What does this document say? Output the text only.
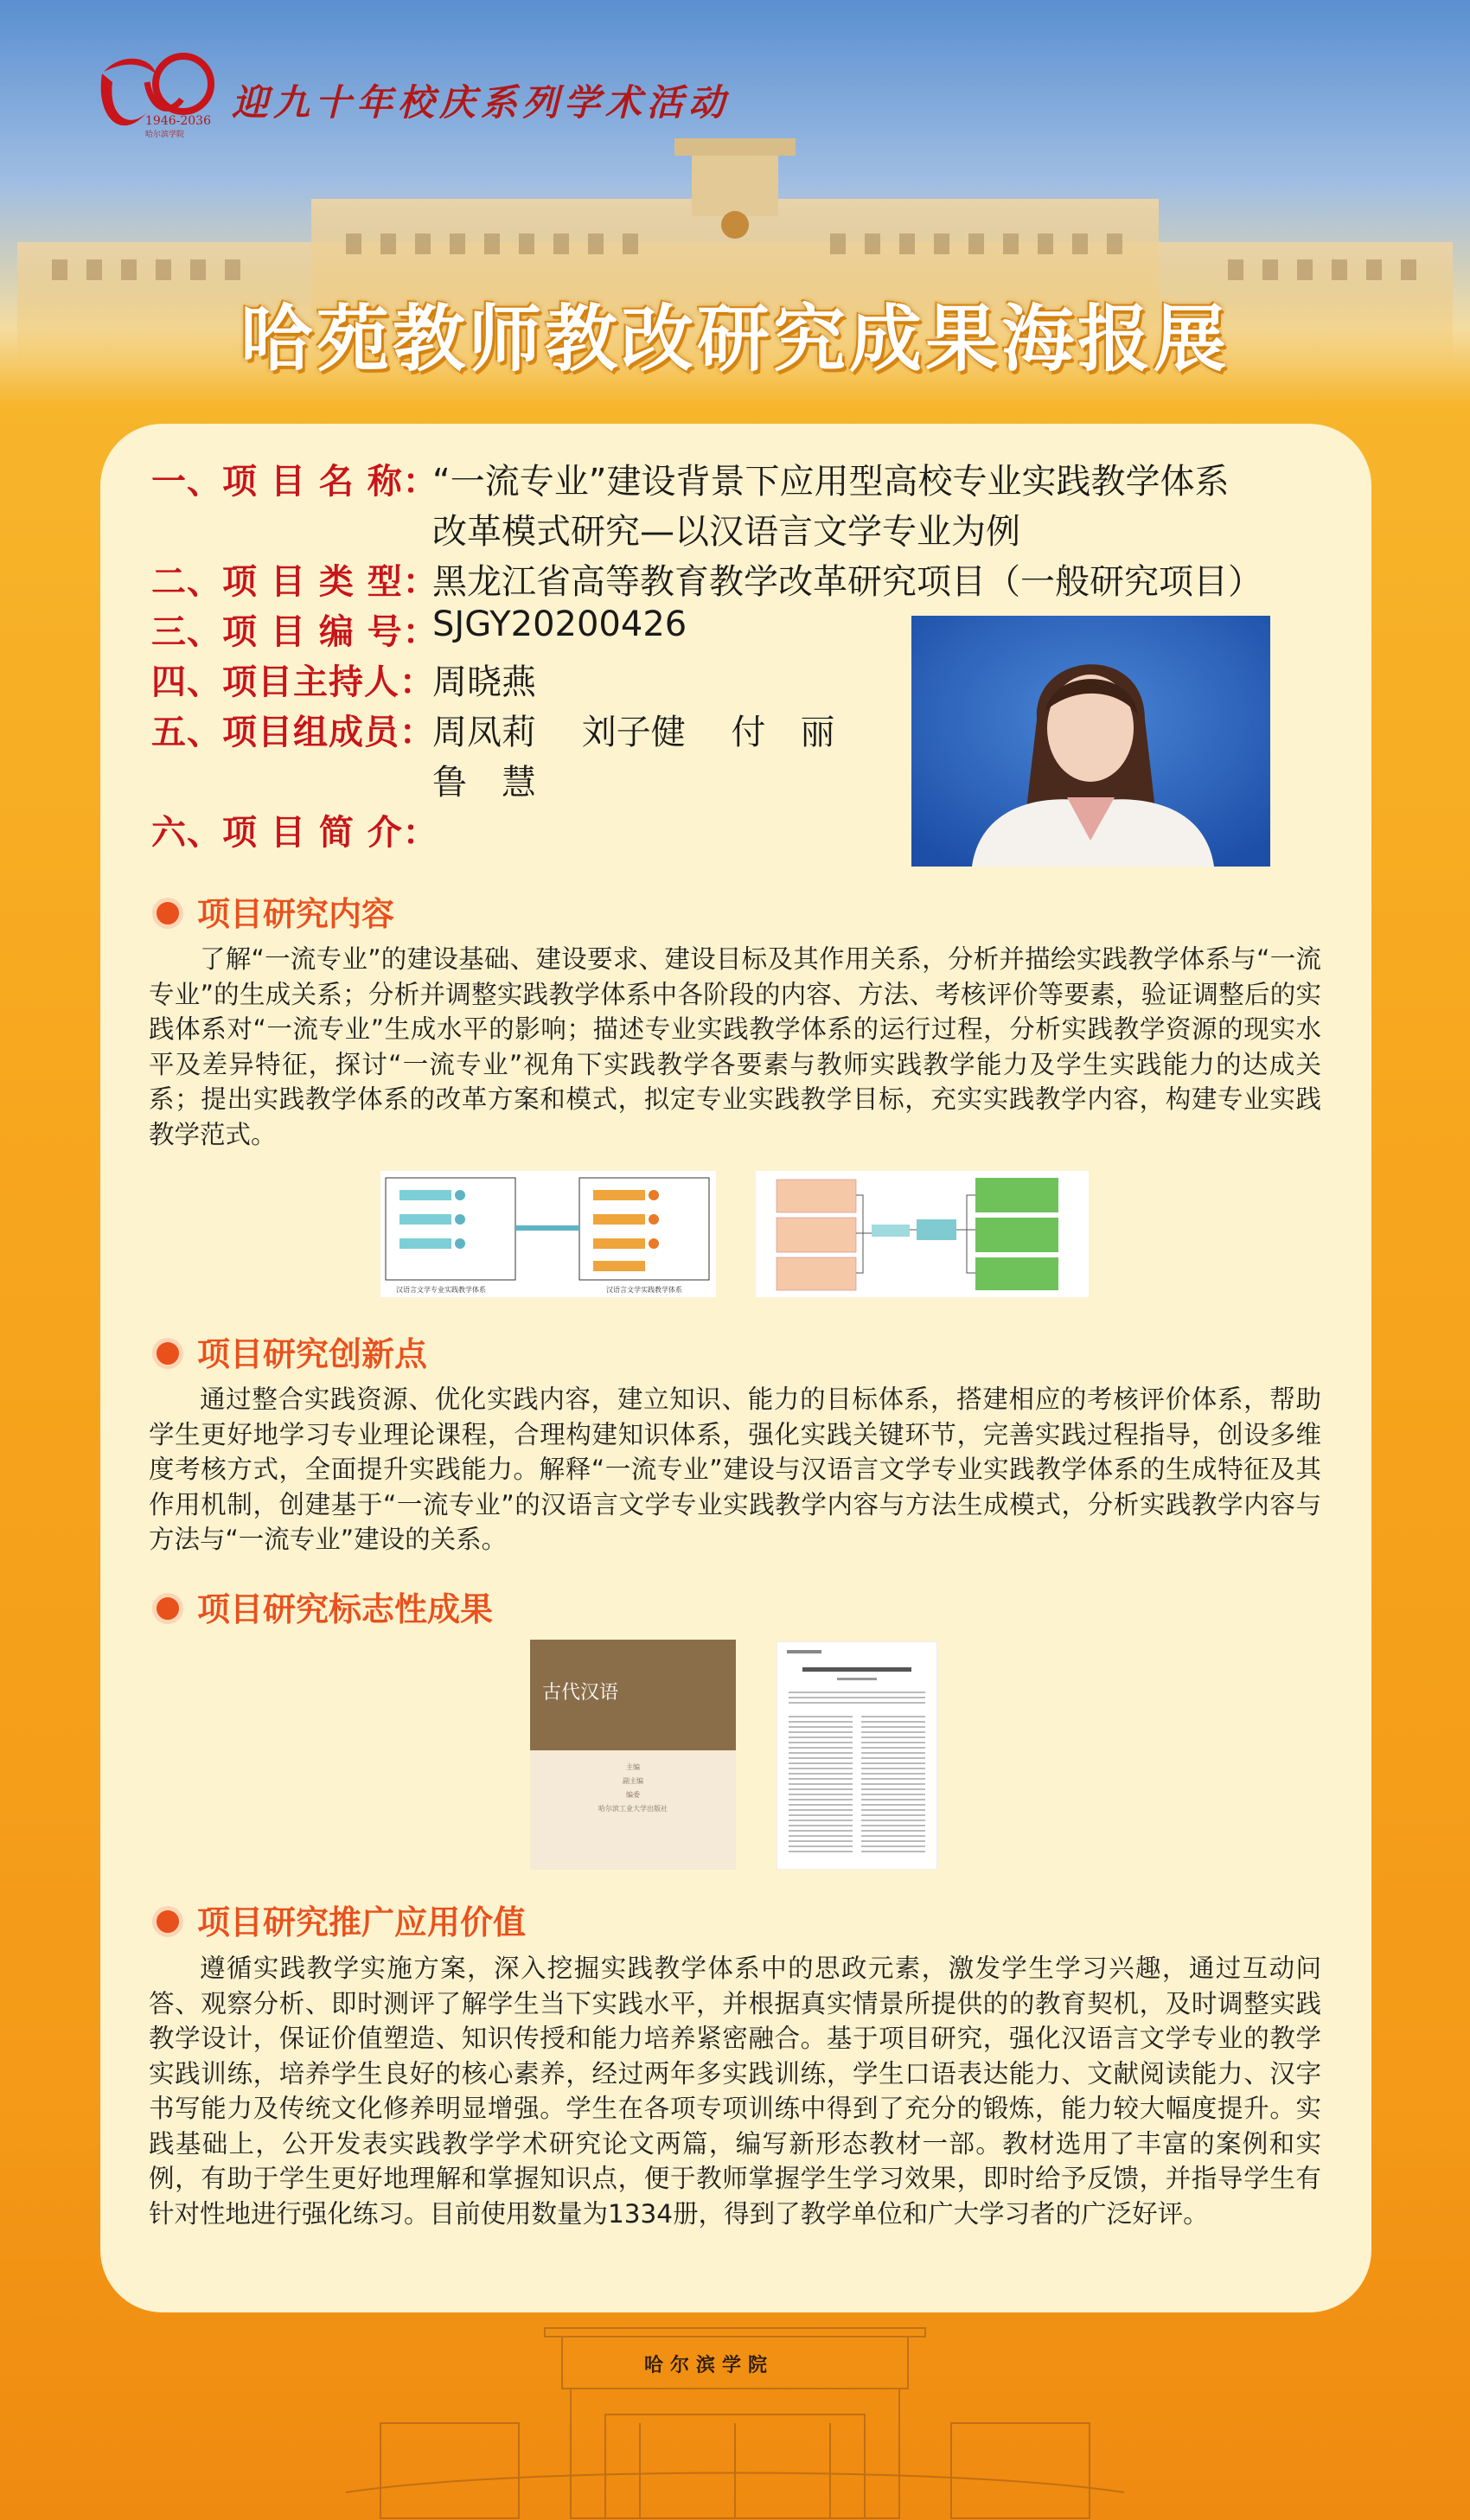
1946-2036
哈尔滨学院
迎九十年校庆系列学术活动
哈苑教师教改研究成果海报展
一、项 目 名 称：
“一流专业”建设背景下应用型高校专业实践教学体系
改革模式研究—以汉语言文学专业为例
二、项 目 类 型：
黑龙江省高等教育教学改革研究项目（一般研究项目）
三、项 目 编 号：
SJGY20200426
四、项目主持人：
周晓燕
五、项目组成员：
周凤莉　 刘子健　 付　丽
鲁　慧
六、项 目 简 介：
项目研究内容
了解“一流专业”的建设基础、建设要求、建设目标及其作用关系，分析并描绘实践教学体系与“一流专业”的生成关系；分析并调整实践教学体系中各阶段的内容、方法、考核评价等要素，验证调整后的实践体系对“一流专业”生成水平的影响；描述专业实践教学体系的运行过程，分析实践教学资源的现实水平及差异特征，探讨“一流专业”视角下实践教学各要素与教师实践教学能力及学生实践能力的达成关系；提出实践教学体系的改革方案和模式，拟定专业实践教学目标，充实实践教学内容，构建专业实践教学范式。
汉语言文学专业实践教学体系	汉语言文学实践教学体系
项目研究创新点
通过整合实践资源、优化实践内容，建立知识、能力的目标体系，搭建相应的考核评价体系，帮助学生更好地学习专业理论课程，合理构建知识体系，强化实践关键环节，完善实践过程指导，创设多维度考核方式，全面提升实践能力。解释“一流专业”建设与汉语言文学专业实践教学体系的生成特征及其作用机制，创建基于“一流专业”的汉语言文学专业实践教学内容与方法生成模式，分析实践教学内容与方法与“一流专业”建设的关系。
项目研究标志性成果
古代汉语
主编
副主编
编委
哈尔滨工业大学出版社
项目研究推广应用价值
遵循实践教学实施方案，深入挖掘实践教学体系中的思政元素，激发学生学习兴趣，通过互动问答、观察分析、即时测评了解学生当下实践水平，并根据真实情景所提供的的教育契机，及时调整实践教学设计，保证价值塑造、知识传授和能力培养紧密融合。基于项目研究，强化汉语言文学专业的教学实践训练，培养学生良好的核心素养，经过两年多实践训练，学生口语表达能力、文献阅读能力、汉字书写能力及传统文化修养明显增强。学生在各项专项训练中得到了充分的锻炼，能力较大幅度提升。实践基础上，公开发表实践教学学术研究论文两篇，编写新形态教材一部。教材选用了丰富的案例和实例，有助于学生更好地理解和掌握知识点，便于教师掌握学生学习效果，即时给予反馈，并指导学生有针对性地进行强化练习。目前使用数量为1334册，得到了教学单位和广大学习者的广泛好评。
哈尔滨学院
